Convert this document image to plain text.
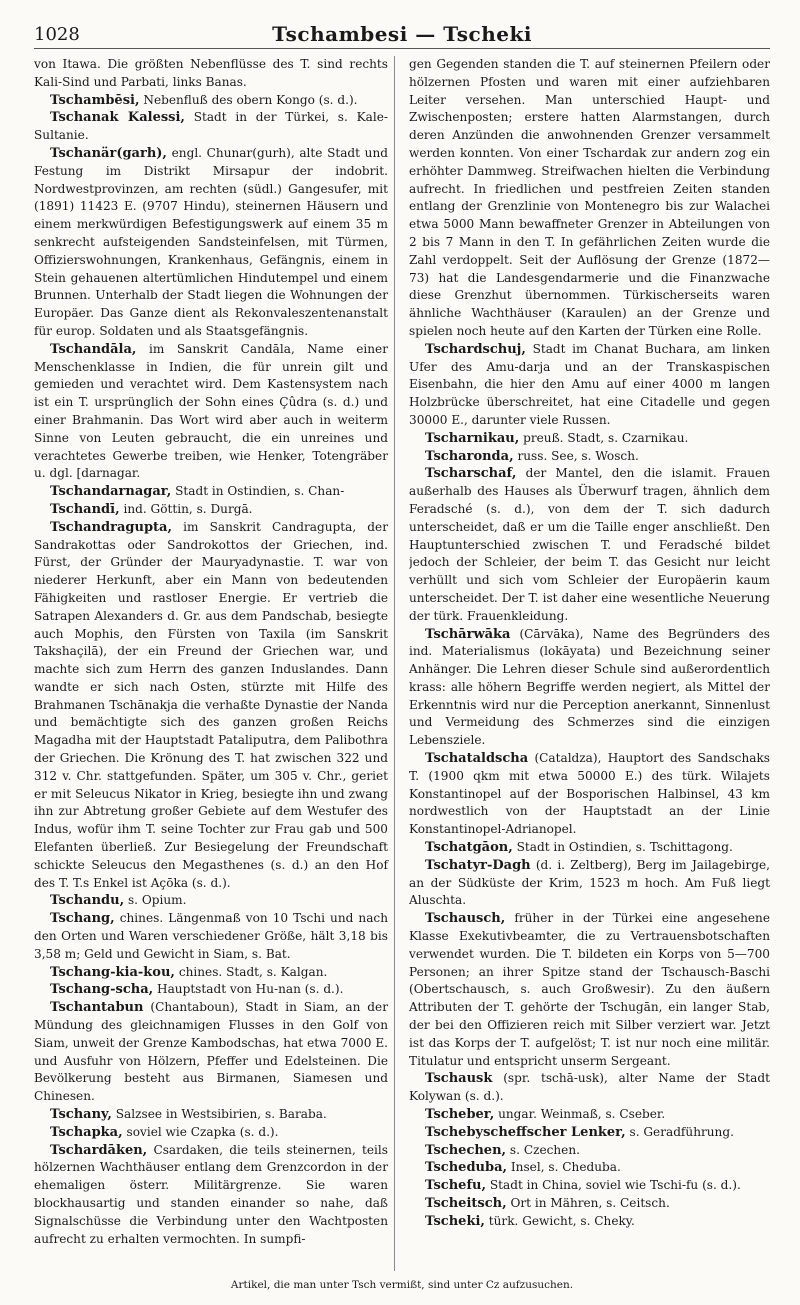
1028	Tschambesi — Tscheki

von Itawa. Die größten Nebenflüsse des T. sind rechts Kali-Sind und Parbati, links Banas.

Tschambēsi, Nebenfluß des obern Kongo (s. d.).

Tschanak Kalessi, Stadt in der Türkei, s. Kale-Sultanie.

Tschanär(garh), engl. Chunar(gurh), alte Stadt und Festung im Distrikt Mirsapur der indobrit. Nordwestprovinzen, am rechten (südl.) Gangesufer, mit (1891) 11423 E. (9707 Hindu), steinernen Häusern und einem merkwürdigen Befestigungswerk auf einem 35 m senkrecht aufsteigenden Sandsteinfelsen, mit Türmen, Offizierswohnungen, Krankenhaus, Gefängnis, einem in Stein gehauenen altertümlichen Hindutempel und einem Brunnen. Unterhalb der Stadt liegen die Wohnungen der Europäer. Das Ganze dient als Rekonvaleszentenanstalt für europ. Soldaten und als Staatsgefängnis.

Tschandāla, im Sanskrit Candāla, Name einer Menschenklasse in Indien, die für unrein gilt und gemieden und verachtet wird. Dem Kastensystem nach ist ein T. ursprünglich der Sohn eines Çûdra (s. d.) und einer Brahmanin. Das Wort wird aber auch in weiterm Sinne von Leuten gebraucht, die ein unreines und verachtetes Gewerbe treiben, wie Henker, Totengräber u. dgl. [darnagar.

Tschandarnagar, Stadt in Ostindien, s. Chan-

Tschandī, ind. Göttin, s. Durgā.

Tschandragupta, im Sanskrit Candragupta, der Sandrakottas oder Sandrokottos der Griechen, ind. Fürst, der Gründer der Mauryadynastie. T. war von niederer Herkunft, aber ein Mann von bedeutenden Fähigkeiten und rastloser Energie. Er vertrieb die Satrapen Alexanders d. Gr. aus dem Pandschab, besiegte auch Mophis, den Fürsten von Taxila (im Sanskrit Takshaçilā), der ein Freund der Griechen war, und machte sich zum Herrn des ganzen Induslandes. Dann wandte er sich nach Osten, stürzte mit Hilfe des Brahmanen Tschānakja die verhaßte Dynastie der Nanda und bemächtigte sich des ganzen großen Reichs Magadha mit der Hauptstadt Pataliputra, dem Palibothra der Griechen. Die Krönung des T. hat zwischen 322 und 312 v. Chr. stattgefunden. Später, um 305 v. Chr., geriet er mit Seleucus Nikator in Krieg, besiegte ihn und zwang ihn zur Abtretung großer Gebiete auf dem Westufer des Indus, wofür ihm T. seine Tochter zur Frau gab und 500 Elefanten überließ. Zur Besiegelung der Freundschaft schickte Seleucus den Megasthenes (s. d.) an den Hof des T. T.s Enkel ist Açōka (s. d.).

Tschandu, s. Opium.

Tschang, chines. Längenmaß von 10 Tschi und nach den Orten und Waren verschiedener Größe, hält 3,18 bis 3,58 m; Geld und Gewicht in Siam, s. Bat.

Tschang-kia-kou, chines. Stadt, s. Kalgan.

Tschang-scha, Hauptstadt von Hu-nan (s. d.).

Tschantabun (Chantaboun), Stadt in Siam, an der Mündung des gleichnamigen Flusses in den Golf von Siam, unweit der Grenze Kambodschas, hat etwa 7000 E. und Ausfuhr von Hölzern, Pfeffer und Edelsteinen. Die Bevölkerung besteht aus Birmanen, Siamesen und Chinesen.

Tschany, Salzsee in Westsibirien, s. Baraba.

Tschapka, soviel wie Czapka (s. d.).

Tschardāken, Csardaken, die teils steinernen, teils hölzernen Wachthäuser entlang dem Grenzcordon in der ehemaligen österr. Militärgrenze. Sie waren blockhausartig und standen einander so nahe, daß Signalschüsse die Verbindung unter den Wachtposten aufrecht zu erhalten vermochten. In sumpfi-

gen Gegenden standen die T. auf steinernen Pfeilern oder hölzernen Pfosten und waren mit einer aufziehbaren Leiter versehen. Man unterschied Haupt- und Zwischenposten; erstere hatten Alarmstangen, durch deren Anzünden die anwohnenden Grenzer versammelt werden konnten. Von einer Tschardak zur andern zog ein erhöhter Dammweg. Streifwachen hielten die Verbindung aufrecht. In friedlichen und pestfreien Zeiten standen entlang der Grenzlinie von Montenegro bis zur Walachei etwa 5000 Mann bewaffneter Grenzer in Abteilungen von 2 bis 7 Mann in den T. In gefährlichen Zeiten wurde die Zahl verdoppelt. Seit der Auflösung der Grenze (1872—73) hat die Landesgendarmerie und die Finanzwache diese Grenzhut übernommen. Türkischerseits waren ähnliche Wachthäuser (Karaulen) an der Grenze und spielen noch heute auf den Karten der Türken eine Rolle.

Tschardschuj, Stadt im Chanat Buchara, am linken Ufer des Amu-darja und an der Transkaspischen Eisenbahn, die hier den Amu auf einer 4000 m langen Holzbrücke überschreitet, hat eine Citadelle und gegen 30000 E., darunter viele Russen.

Tscharnikau, preuß. Stadt, s. Czarnikau.

Tscharonda, russ. See, s. Wosch.

Tscharschaf, der Mantel, den die islamit. Frauen außerhalb des Hauses als Überwurf tragen, ähnlich dem Feradsché (s. d.), von dem der T. sich dadurch unterscheidet, daß er um die Taille enger anschließt. Den Hauptunterschied zwischen T. und Feradsché bildet jedoch der Schleier, der beim T. das Gesicht nur leicht verhüllt und sich vom Schleier der Europäerin kaum unterscheidet. Der T. ist daher eine wesentliche Neuerung der türk. Frauenkleidung.

Tschārwāka (Cārvāka), Name des Begründers des ind. Materialismus (lokāyata) und Bezeichnung seiner Anhänger. Die Lehren dieser Schule sind außerordentlich krass: alle höhern Begriffe werden negiert, als Mittel der Erkenntnis wird nur die Perception anerkannt, Sinnenlust und Vermeidung des Schmerzes sind die einzigen Lebensziele.

Tschataldscha (Cataldza), Hauptort des Sandschaks T. (1900 qkm mit etwa 50000 E.) des türk. Wilajets Konstantinopel auf der Bosporischen Halbinsel, 43 km nordwestlich von der Hauptstadt an der Linie Konstantinopel-Adrianopel.

Tschatgāon, Stadt in Ostindien, s. Tschittagong.

Tschatyr-Dagh (d. i. Zeltberg), Berg im Jailagebirge, an der Südküste der Krim, 1523 m hoch. Am Fuß liegt Aluschta.

Tschausch, früher in der Türkei eine angesehene Klasse Exekutivbeamter, die zu Vertrauensbotschaften verwendet wurden. Die T. bildeten ein Korps von 5—700 Personen; an ihrer Spitze stand der Tschausch-Baschi (Obertschausch, s. auch Großwesir). Zu den äußern Attributen der T. gehörte der Tschugān, ein langer Stab, der bei den Offizieren reich mit Silber verziert war. Jetzt ist das Korps der T. aufgelöst; T. ist nur noch eine militär. Titulatur und entspricht unserm Sergeant.

Tschausk (spr. tschā-usk), alter Name der Stadt Kolywan (s. d.).

Tscheber, ungar. Weinmaß, s. Cseber.

Tschebyscheffscher Lenker, s. Geradführung.

Tschechen, s. Czechen.

Tscheduba, Insel, s. Cheduba.

Tschefu, Stadt in China, soviel wie Tschi-fu (s. d.).

Tscheitsch, Ort in Mähren, s. Ceitsch.

Tscheki, türk. Gewicht, s. Cheky.

Artikel, die man unter Tsch vermißt, sind unter Cz aufzusuchen.
